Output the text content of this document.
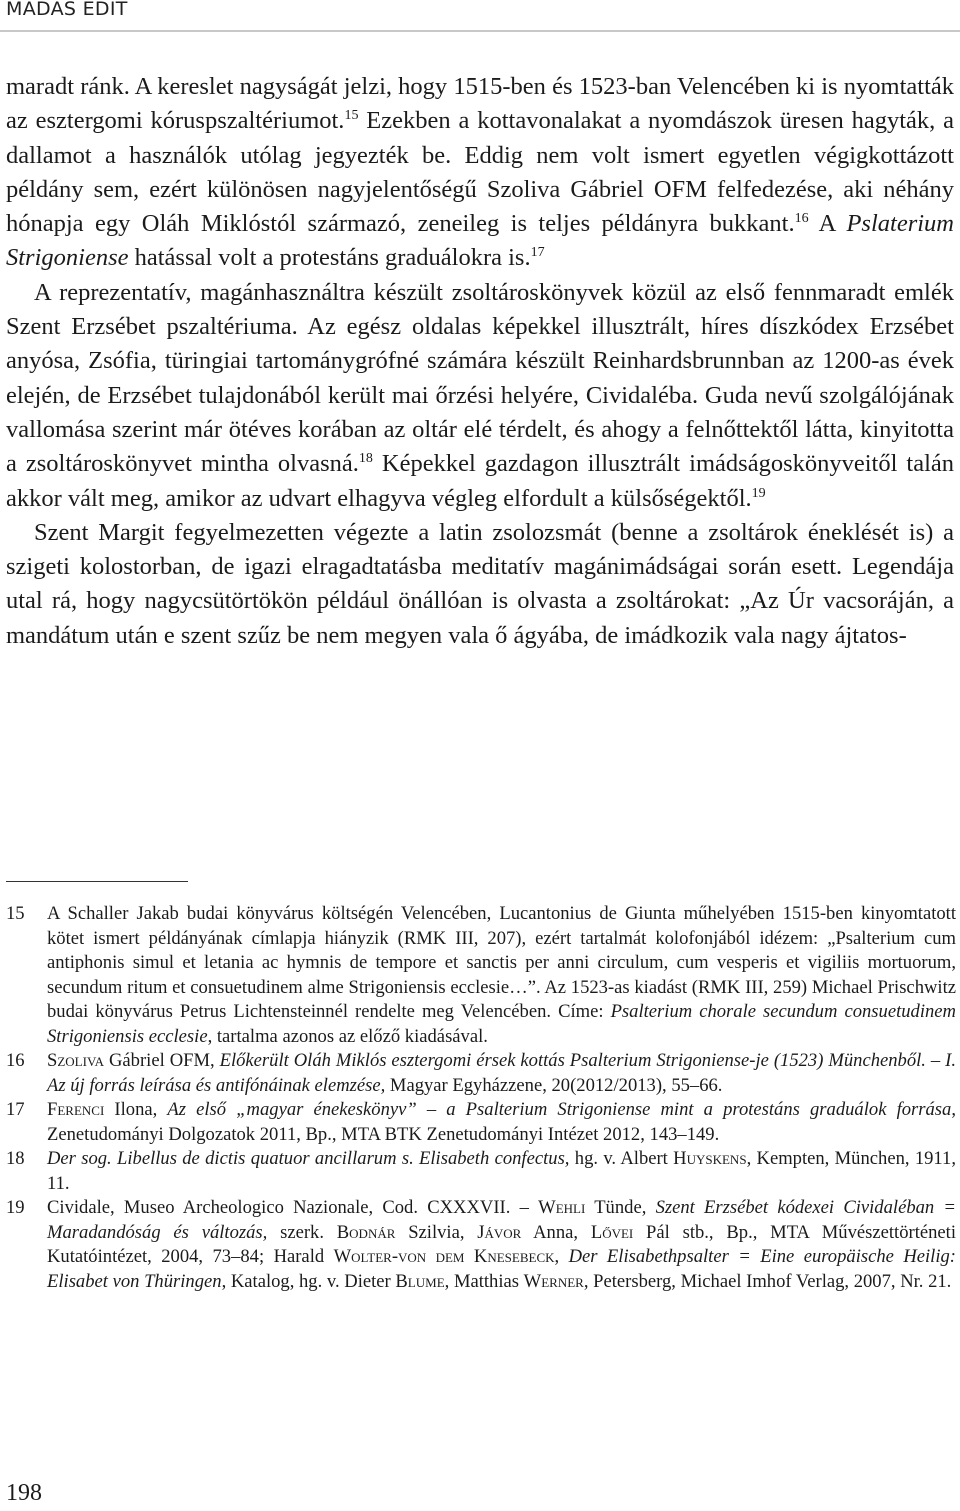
MADAS EDIT

maradt ránk. A kereslet nagyságát jelzi, hogy 1515-ben és 1523-ban Velencében ki is nyomtatták az esztergomi kóruspszaltériumot.$^{15}$ Ezekben a kottavonalakat a nyomdászok üresen hagyták, a dallamot a használók utólag jegyezték be. Eddig nem volt ismert egyetlen végigkottázott példány sem, ezért különösen nagyjelentőségű Szoliva Gábriel OFM felfedezése, aki néhány hónapja egy Oláh Miklóstól származó, zeneileg is teljes példányra bukkant.$^{16}$ A Pslaterium Strigoniense hatással volt a protestáns graduálokra is.$^{17}$

A reprezentatív, magánhasználtra készült zsoltároskönyvek közül az első fennmaradt emlék Szent Erzsébet pszaltériuma. Az egész oldalas képekkel illusztrált, híres díszkódex Erzsébet anyósa, Zsófia, türingiai tartománygrófné számára készült Reinhardsbrunnban az 1200-as évek elején, de Erzsébet tulajdonából került mai őrzési helyére, Cividaléba. Guda nevű szolgálójának vallomása szerint már ötéves korában az oltár elé térdelt, és ahogy a felnőttektől látta, kinyitotta a zsoltároskönyvet mintha olvasná.$^{18}$ Képekkel gazdagon illusztrált imádságoskönyveitől talán akkor vált meg, amikor az udvart elhagyva végleg elfordult a külsőségektől.$^{19}$

Szent Margit fegyelmezetten végezte a latin zsolozsmát (benne a zsoltárok éneklését is) a szigeti kolostorban, de igazi elragadtatásba meditatív magánimádságai során esett. Legendája utal rá, hogy nagycsütörtökön például önállóan is olvasta a zsoltárokat: „Az Úr vacsoráján, a mandátum után e szent szűz be nem megyen vala ő ágyába, de imádkozik vala nagy ájtatos-

15 A Schaller Jakab budai könyvárus költségén Velencében, Lucantonius de Giunta műhelyében 1515-ben kinyomtatott kötet ismert példányának címlapja hiányzik (RMK III, 207), ezért tartalmát kolofonjából idézem: „Psalterium cum antiphonis simul et letania ac hymnis de tempore et sanctis per anni circulum, cum vesperis et vigiliis mortuorum, secundum ritum et consuetudinem alme Strigoniensis ecclesie…”. Az 1523-as kiadást (RMK III, 259) Michael Prischwitz budai könyvárus Petrus Lichtensteinnél rendelte meg Velencében. Címe: Psalterium chorale secundum consuetudinem Strigoniensis ecclesie, tartalma azonos az előző kiadásával.
16 Szoliva Gábriel OFM, Előkerült Oláh Miklós esztergomi érsek kottás Psalterium Strigoniense-je (1523) Münchenből. – I. Az új forrás leírása és antifónáinak elemzése, Magyar Egyházzene, 20(2012/2013), 55–66.
17 Ferenci Ilona, Az első „magyar énekeskönyv” – a Psalterium Strigoniense mint a protestáns graduálok forrása, Zenetudományi Dolgozatok 2011, Bp., MTA BTK Zenetudományi Intézet 2012, 143–149.
18 Der sog. Libellus de dictis quatuor ancillarum s. Elisabeth confectus, hg. v. Albert Huyskens, Kempten, München, 1911, 11.
19 Cividale, Museo Archeologico Nazionale, Cod. CXXXVII. – Wehli Tünde, Szent Erzsébet kódexei Cividaléban = Maradandóság és változás, szerk. Bodnár Szilvia, Jávor Anna, Lővei Pál stb., Bp., MTA Művészettörténeti Kutatóintézet, 2004, 73–84; Harald Wolter-von dem Knesebeck, Der Elisabethpsalter = Eine europäische Heilig: Elisabet von Thüringen, Katalog, hg. v. Dieter Blume, Matthias Werner, Petersberg, Michael Imhof Verlag, 2007, Nr. 21.
198
